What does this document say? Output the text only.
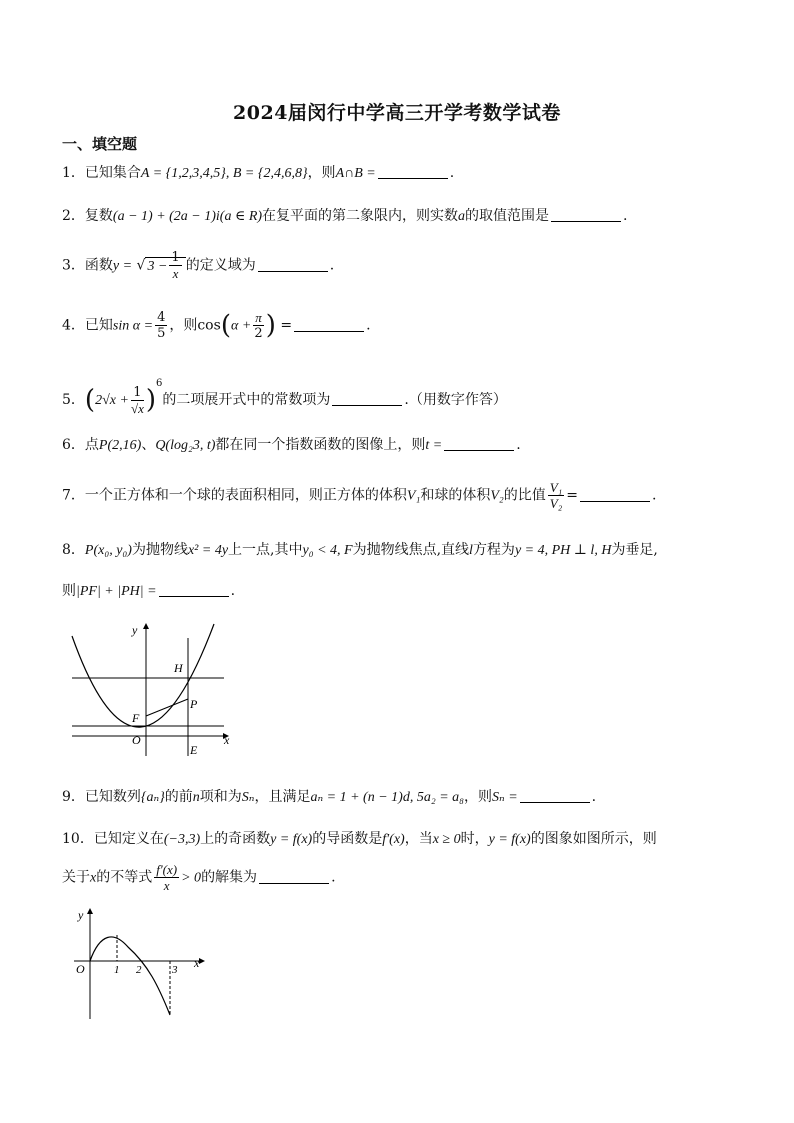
2024届闵行中学高三开学考数学试卷
一、填空题
1．已知集合A = {1,2,3,4,5}, B = {2,4,6,8}，则A∩B =	.
2．复数(a − 1) + (2a − 1)i(a ∈ R)在复平面的第二象限内，则实数a的取值范围是	.
3．函数y = √ $3 - \frac{1}{x}$ 的定义域为	.
4．已知$\sin \alpha = \frac{4}{5}$ ，则$\cos(\alpha + \frac{\pi}{2}$ ) =	.
5．$(2√x + \frac{1}{√x} )^6$的二项展开式中的常数项为	.（用数字作答）
6．点P(2,16)、Q(log₂3, t)都在同一个指数函数的图像上，则t =	.
7．一个正方体和一个球的表面积相同，则正方体的体积V₁和球的体积V₂的比值 $\frac{\text{V₁}}{\text{V₂}}$ =	.
8．P(x₀, y₀)为抛物线x² = 4y上一点,其中y₀ < 4, F为抛物线焦点,直线l方程为y = 4, PH ⊥ l, H为垂足,
则|PF| + |PH| =	.
y
x
O
F
P
H
E
9．已知数列{aₙ}的前n项和为Sₙ，且满足aₙ = 1 + (n − 1)d, 5a₂ = a₈，则Sₙ =	.
10．已知定义在(−3,3)上的奇函数y = f(x)的导函数是f′(x)，当x ≥ 0时，y = f(x)的图象如图所示，则
关于x的不等式 $\frac{f'(x)}{x} > 0$的解集为	.
y
x
O	1 2	3
